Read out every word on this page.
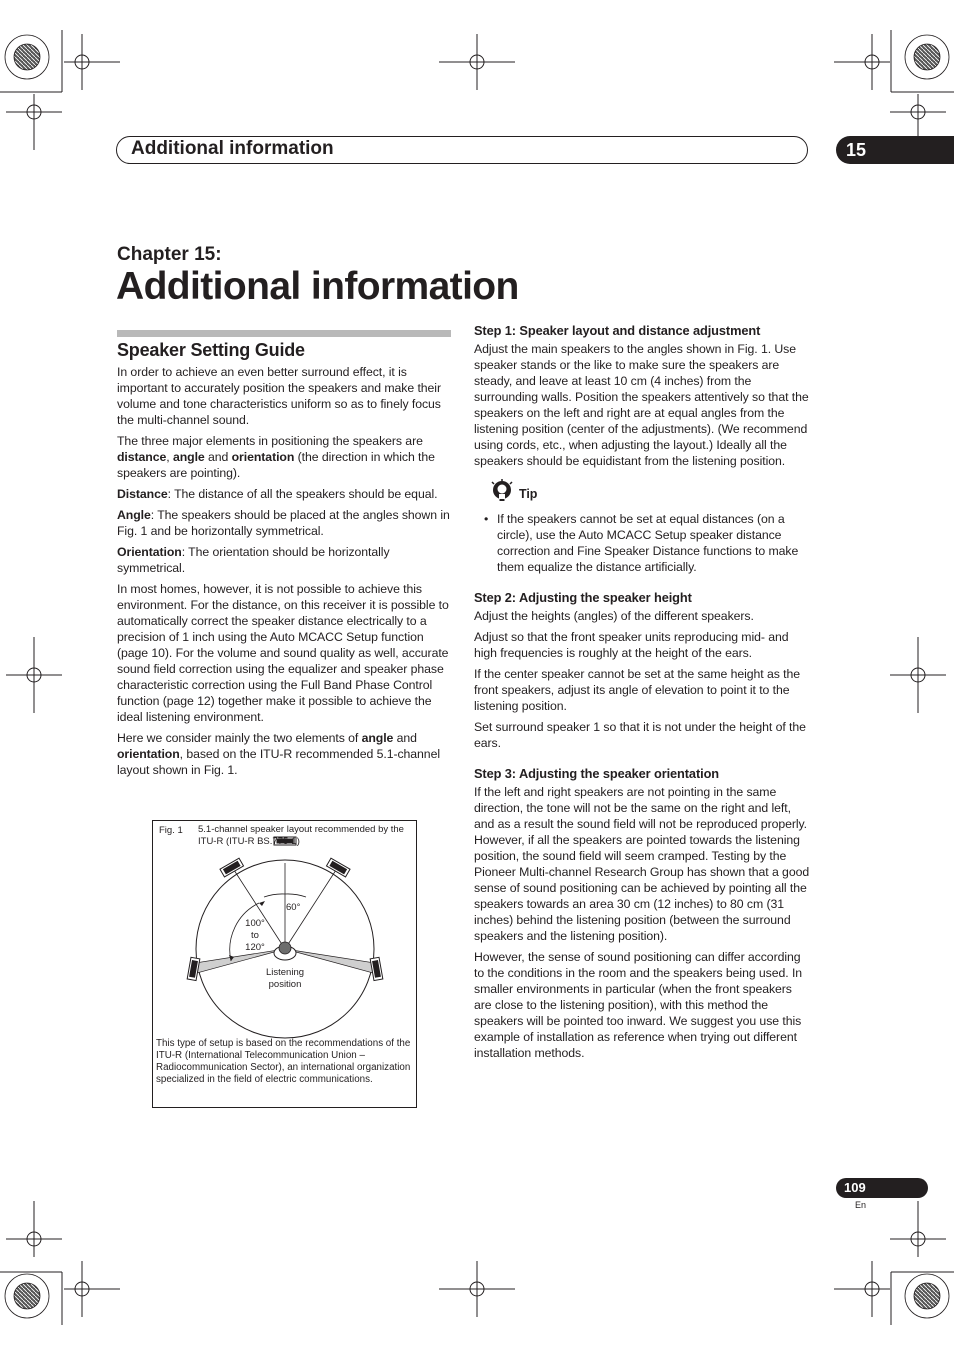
Additional information	15
Chapter 15:
Additional information
Speaker Setting Guide

In order to achieve an even better surround effect, it is important to accurately position the speakers and make their volume and tone characteristics uniform so as to finely focus the multi-channel sound.

The three major elements in positioning the speakers are distance, angle and orientation (the direction in which the speakers are pointing).

Distance: The distance of all the speakers should be equal.

Angle: The speakers should be placed at the angles shown in Fig. 1 and be horizontally symmetrical.

Orientation: The orientation should be horizontally symmetrical.

In most homes, however, it is not possible to achieve this environment. For the distance, on this receiver it is possible to automatically correct the speaker distance electrically to a precision of 1 inch using the Auto MCACC Setup function (page 10). For the volume and sound quality as well, accurate sound field correction using the equalizer and speaker phase characteristic correction using the Full Band Phase Control function (page 12) together make it possible to achieve the ideal listening environment.

Here we consider mainly the two elements of angle and orientation, based on the ITU-R recommended 5.1-channel layout shown in Fig. 1.

Fig. 1 5.1-channel speaker layout recommended by the ITU-R (ITU-R BS.775-1)
60°
100°
to
120°
Listening
position
This type of setup is based on the recommendations of the ITU-R (International Telecommunication Union – Radiocommunication Sector), an international organization specialized in the field of electric communications.
Step 1: Speaker layout and distance adjustment

Adjust the main speakers to the angles shown in Fig. 1. Use speaker stands or the like to make sure the speakers are steady, and leave at least 10 cm (4 inches) from the surrounding walls. Position the speakers attentively so that the speakers on the left and right are at equal angles from the listening position (center of the adjustments). (We recommend using cords, etc., when adjusting the layout.) Ideally all the speakers should be equidistant from the listening position.

Tip
• If the speakers cannot be set at equal distances (on a circle), use the Auto MCACC Setup speaker distance correction and Fine Speaker Distance functions to make them equalize the distance artificially.
Step 2: Adjusting the speaker height

Adjust the heights (angles) of the different speakers.

Adjust so that the front speaker units reproducing mid- and high frequencies is roughly at the height of the ears.

If the center speaker cannot be set at the same height as the front speakers, adjust its angle of elevation to point it to the listening position.

Set surround speaker 1 so that it is not under the height of the ears.

Step 3: Adjusting the speaker orientation

If the left and right speakers are not pointing in the same direction, the tone will not be the same on the right and left, and as a result the sound field will not be reproduced properly. However, if all the speakers are pointed towards the listening position, the sound field will seem cramped. Testing by the Pioneer Multi-channel Research Group has shown that a good sense of sound positioning can be achieved by pointing all the speakers towards an area 30 cm (12 inches) to 80 cm (31 inches) behind the listening position (between the surround speakers and the listening position).

However, the sense of sound positioning can differ according to the conditions in the room and the speakers being used. In smaller environments in particular (when the front speakers are close to the listening position), with this method the speakers will be pointed too inward. We suggest you use this example of installation as reference when trying out different installation methods.

109
En
